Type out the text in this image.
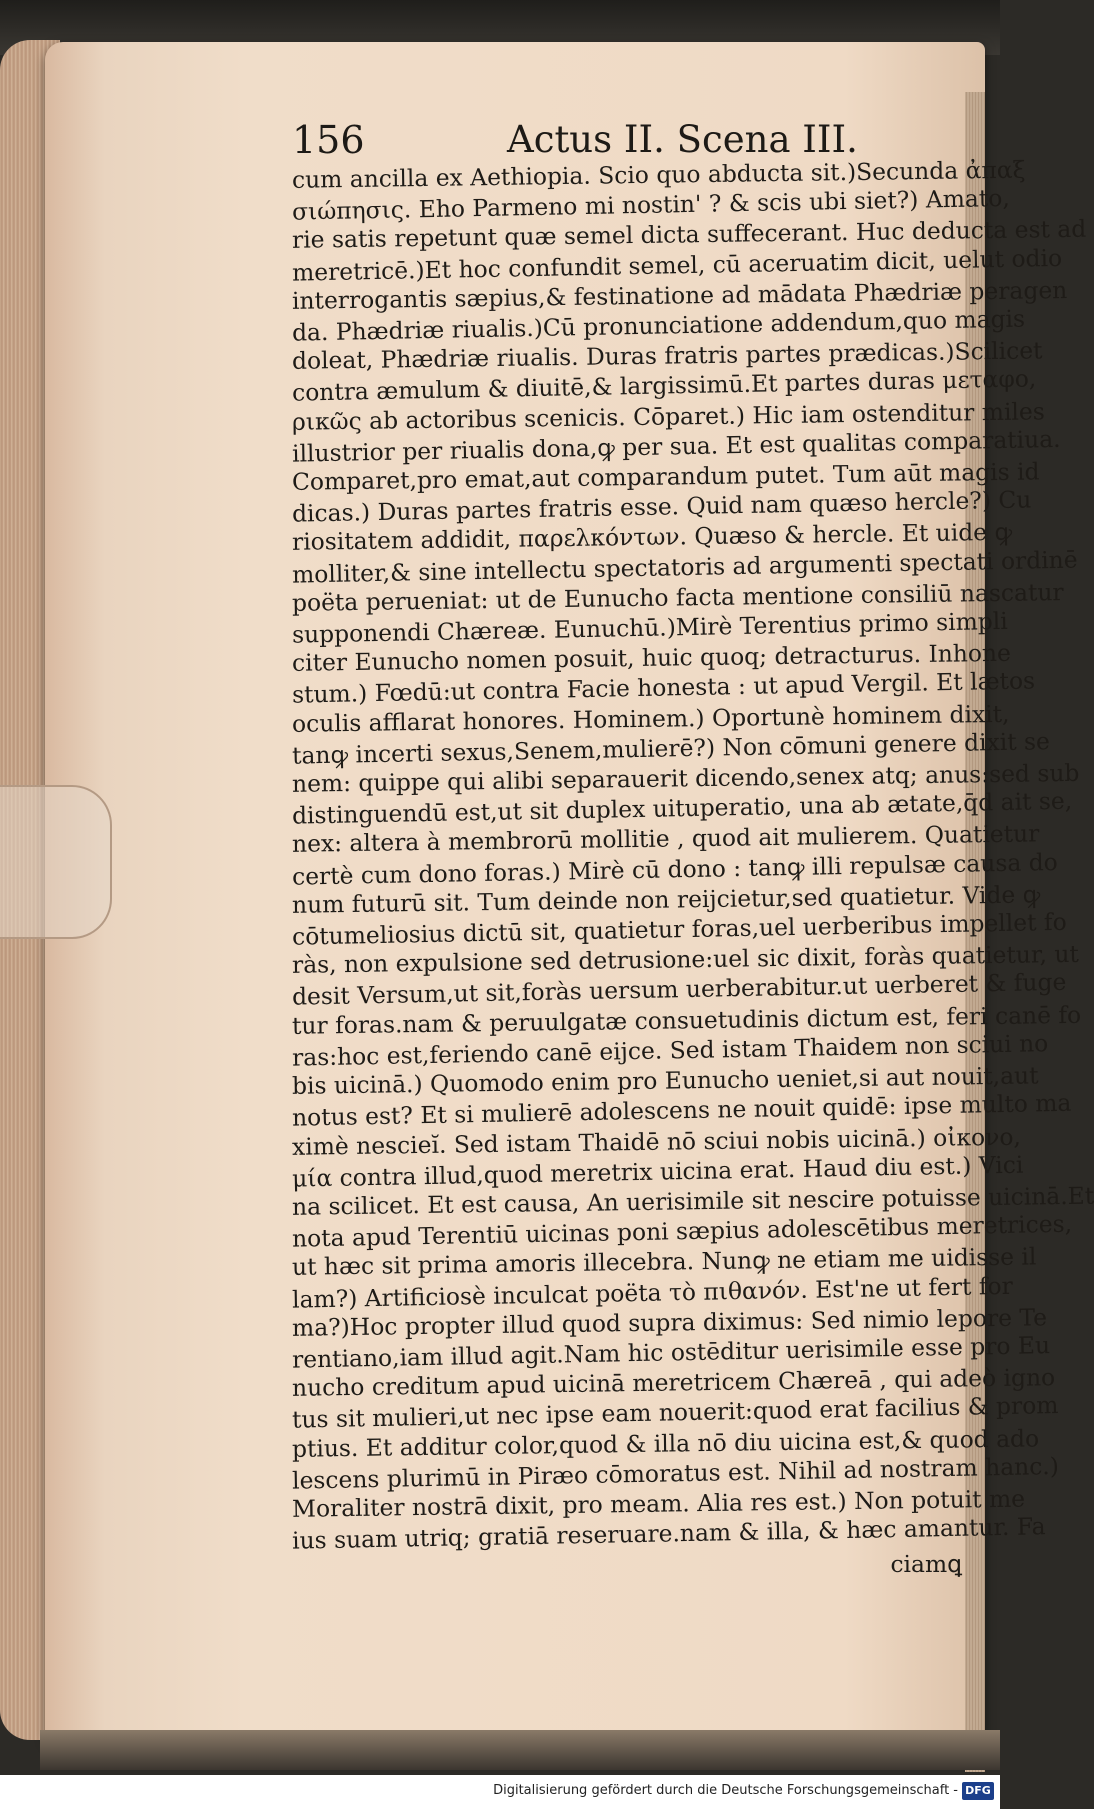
156	Actus II. Scena III.
cum ancilla ex Aethiopia. Scio quo abducta sit.)Secunda ἀπαξ
σιώπησις. Eho Parmeno mi nostin' ? & scis ubi siet?) Amato,
rie satis repetunt quæ semel dicta suffecerant. Huc deducta est ad
meretricē.)Et hoc confundit semel, cū aceruatim dicit, uelut odio
interrogantis sæpius,& festinatione ad mādata Phædriæ peragen
da. Phædriæ riualis.)Cū pronunciatione addendum,quo magis
doleat, Phædriæ riualis. Duras fratris partes prædicas.)Scilicet
contra æmulum & diuitē,& largissimū.Et partes duras μεταφο,
ρικῶς ab actoribus scenicis. Cōparet.) Hic iam ostenditur miles
illustrior per riualis dona,ꝙ per sua. Et est qualitas comparatiua.
Comparet,pro emat,aut comparandum putet. Tum aūt magis id
dicas.) Duras partes fratris esse. Quid nam quæso hercle?) Cu
riositatem addidit, παρελκόντων. Quæso & hercle. Et uide ꝙ
molliter,& sine intellectu spectatoris ad argumenti spectati ordinē
poëta perueniat: ut de Eunucho facta mentione consiliū nascatur
supponendi Chæreæ. Eunuchū.)Mirè Terentius primo simpli
citer Eunucho nomen posuit, huic quoq; detracturus. Inhone
stum.) Fœdū:ut contra Facie honesta : ut apud Vergil. Et lætos
oculis afflarat honores. Hominem.) Oportunè hominem dixit,
tanꝙ incerti sexus,Senem,mulierē?) Non cōmuni genere dixit se
nem: quippe qui alibi separauerit dicendo,senex atq; anus:sed sub
distinguendū est,ut sit duplex uituperatio, una ab ætate,q̄d ait se,
nex: altera à membrorū mollitie , quod ait mulierem. Quatietur
certè cum dono foras.) Mirè cū dono : tanꝙ illi repulsæ causa do
num futurū sit. Tum deinde non reijcietur,sed quatietur. Vide ꝙ
cōtumeliosius dictū sit, quatietur foras,uel uerberibus impellet fo
ràs, non expulsione sed detrusione:uel sic dixit, foràs quatietur, ut
desit Versum,ut sit,foràs uersum uerberabitur.ut uerberet & fuge
tur foras.nam & peruulgatæ consuetudinis dictum est, feri canē fo
ras:hoc est,feriendo canē eijce. Sed istam Thaidem non sciui no
bis uicinā.) Quomodo enim pro Eunucho ueniet,si aut nouit,aut
notus est? Et si mulierē adolescens ne nouit quidē: ipse multo ma
ximè nescieĭ. Sed istam Thaidē nō sciui nobis uicinā.) οἰκονο,
μία contra illud,quod meretrix uicina erat. Haud diu est.) Vici
na scilicet. Et est causa, An uerisimile sit nescire potuisse uicinā.Et
nota apud Terentiū uicinas poni sæpius adolescētibus meretrices,
ut hæc sit prima amoris illecebra. Nunꝙ ne etiam me uidisse il
lam?) Artificiosè inculcat poëta τὸ πιθανόν. Est'ne ut fert for
ma?)Hoc propter illud quod supra diximus: Sed nimio lepore Te
rentiano,iam illud agit.Nam hic ostēditur uerisimile esse pro Eu
nucho creditum apud uicinā meretricem Chæreā , qui adeò igno
tus sit mulieri,ut nec ipse eam nouerit:quod erat facilius & prom
ptius. Et additur color,quod & illa nō diu uicina est,& quod ado
lescens plurimū in Piræo cōmoratus est. Nihil ad nostram hanc.)
Moraliter nostrā dixit, pro meam. Alia res est.) Non potuit me
ius suam utriq; gratiā reseruare.nam & illa, & hæc amantur. Fa
ciamꝗ
Digitalisierung gefördert durch die Deutsche Forschungsgemeinschaft - DFG
